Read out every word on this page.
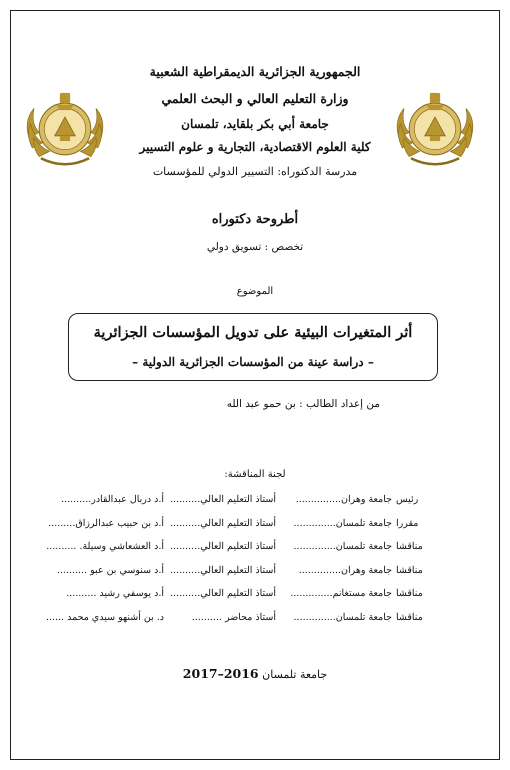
الجمهورية الجزائرية الديمقراطية الشعبية
وزارة التعليم العالي و البحث العلمي
جامعة أبي بكر بلقايد، تلمسان
كلية العلوم الاقتصادية، التجارية و علوم التسيير
مدرسة الدكتوراه: التسيير الدولي للمؤسسات
أطروحة دكتوراه
تخصص : تسويق دولي
الموضوع
أثر المتغيرات البيئية على تدويل المؤسسات الجزائرية
– دراسة عينة من المؤسسات الجزائرية الدولية –
من إعداد الطالب : بن حمو عبد الله
لجنة المناقشة:
أ.د دربال عبدالقادر.......... أستاذ التعليم العالي..........	جامعة وهران............... رئيس
أ.د بن حبيب عبدالرزاق......... أستاذ التعليم العالي..........	جامعة تلمسان.............. مقررا
أ.د العشعاشي وسيلة. .......... أستاذ التعليم العالي..........	جامعة تلمسان.............. مناقشا
أ.د سنوسي بن عبو .......... أستاذ التعليم العالي..........	جامعة وهران.............. مناقشا
أ.د يوسفي رشيد .......... أستاذ التعليم العالي..........	جامعة مستغانم.............. مناقشا
د. بن أشنهو سيدي محمد ......	أستاذ محاضر ..........	جامعة تلمسان.............. مناقشا
جامعة تلمسان 2016–2017
